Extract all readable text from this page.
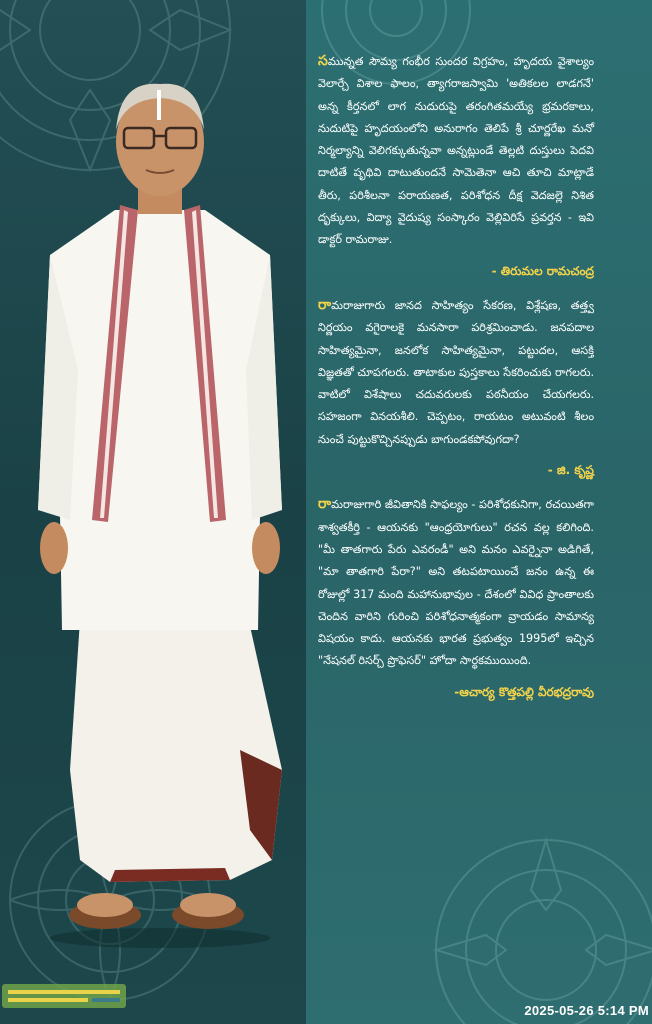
సమున్నత సౌమ్య గంభీర సుందర విగ్రహం, హృదయ వైశాల్యం వెలార్చే విశాల ఫాలం, త్యాగరాజస్వామి 'అతికలల లాడగనే' అన్న కీర్తనలో లాగ నుదురుపై తరంగితమయ్యే భ్రమరకాలు, నుదుటిపై హృదయంలోని అనురాగం తెలిపే శ్రీ చూర్ణరేఖ మనో నిర్మల్యాన్ని వెలిగక్కుతున్నవా అన్నట్లుండే తెల్లటి దుస్తులు పెదవి దాటితే పృథివి దాటుతుందనే సామెతెనా ఆచి తూచి మాట్లాడే తీరు, పరిశీలనా పరాయణత, పరిశోధన దీక్ష వెదజల్లె నిశిత దృక్కులు, విద్యా వైదుష్య సంస్కారం వెల్లివిరిసే ప్రవర్తన - ఇవి డాక్టర్ రామరాజు.

- తిరుమల రామచంద్ర

రామరాజుగారు జానద సాహిత్యం సేకరణ, విశ్లేషణ, తత్త్వ నిర్ణయం వగైరాలకై మనసారా పరిశ్రమించాడు. జనపదాల సాహిత్యమైనా, జనలోక సాహిత్యమైనా, పట్టుదల, ఆసక్తి విజ్ఞతతో చూపగలరు. తాటాకుల పుస్తకాలు సేకరించుకు రాగలరు. వాటిలో విశేషాలు చదువరులకు పఠనీయం చేయగలరు. సహజంగా వినయశీలి. చెప్పటం, రాయటం అటువంటి శీలం నుంచే పుట్టుకొచ్చినప్పుడు బాగుండకపోవుగదా?

- జి. కృష్ణ

రామరాజుగారి జీవితానికి సాఫల్యం - పరిశోధకునిగా, రచయితగా శాశ్వతకీర్తి - ఆయనకు "ఆంధ్రయోగులు" రచన వల్ల కలిగింది. "మీ తాతగారు పేరు ఎవరండీ" అని మనం ఎవర్నైనా అడిగితే, "మా తాతగారి పేరా?" అని తటపటాయించే జనం ఉన్న ఈ రోజుల్లో 317 మంది మహానుభావుల - దేశంలో వివిధ ప్రాంతాలకు చెందిన వారిని గురించి పరిశోధనాత్మకంగా వ్రాయడం సామాన్య విషయం కాదు. ఆయనకు భారత ప్రభుత్వం 1995లో ఇచ్చిన "నేషనల్ రిసర్చ్ ప్రొఫెసర్" హోదా సార్థకముయింది.

-ఆచార్య కొత్తపల్లి వీరభద్రరావు
2025-05-26 5:14 PM
